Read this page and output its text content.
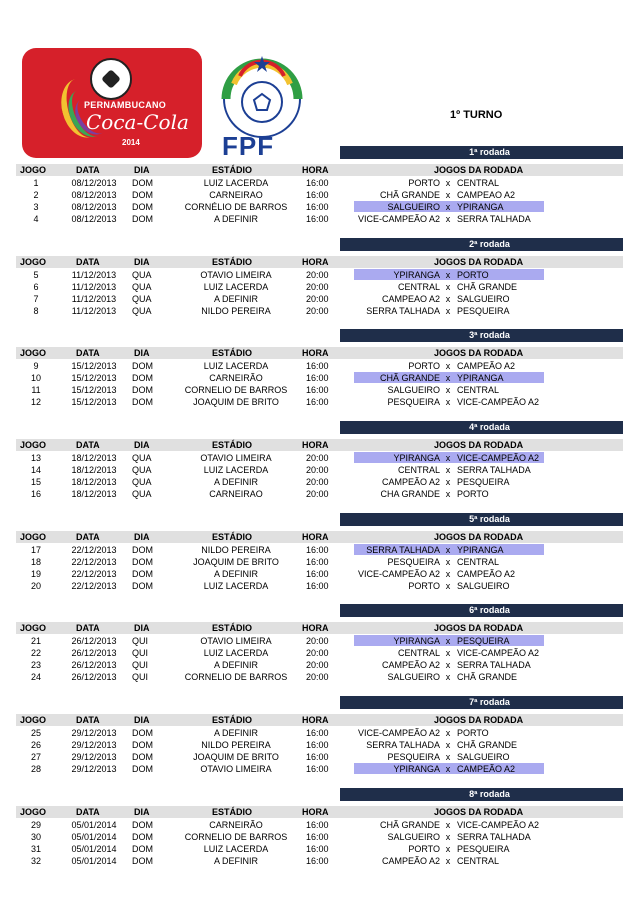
PERNAMBUCANO
Coca-Cola
2014	FPF
1º TURNO
1ª rodada
JOGO	DATA	DIA	ESTÁDIO	HORA	JOGOS DA RODADA
1	08/12/2013	DOM	LUIZ LACERDA	16:00	PORTO x CENTRAL
2	08/12/2013	DOM	CARNEIRAO	16:00	CHÃ GRANDE x CAMPEAO A2
3	08/12/2013	DOM	CORNÉLIO DE BARROS	16:00	SALGUEIRO x YPIRANGA
4	08/12/2013	DOM	A DEFINIR	16:00	VICE-CAMPEÃO A2 x SERRA TALHADA
2ª rodada
JOGO	DATA	DIA	ESTÁDIO	HORA	JOGOS DA RODADA
5	11/12/2013	QUA	OTAVIO LIMEIRA	20:00	YPIRANGA x PORTO
6	11/12/2013	QUA	LUIZ LACERDA	20:00	CENTRAL x CHÃ GRANDE
7	11/12/2013	QUA	A DEFINIR	20:00	CAMPEAO A2 x SALGUEIRO
8	11/12/2013	QUA	NILDO PEREIRA	20:00	SERRA TALHADA x PESQUEIRA
3ª rodada
JOGO	DATA	DIA	ESTÁDIO	HORA	JOGOS DA RODADA
9	15/12/2013	DOM	LUIZ LACERDA	16:00	PORTO x CAMPEÃO A2
10	15/12/2013	DOM	CARNEIRÃO	16:00	CHÃ GRANDE x YPIRANGA
11	15/12/2013	DOM	CORNELIO DE BARROS	16:00	SALGUEIRO x CENTRAL
12	15/12/2013	DOM	JOAQUIM DE BRITO	16:00	PESQUEIRA x VICE-CAMPEÃO A2
4ª rodada
JOGO	DATA	DIA	ESTÁDIO	HORA	JOGOS DA RODADA
13	18/12/2013	QUA	OTAVIO LIMEIRA	20:00	YPIRANGA x VICE-CAMPEÃO A2
14	18/12/2013	QUA	LUIZ LACERDA	20:00	CENTRAL x SERRA TALHADA
15	18/12/2013	QUA	A DEFINIR	20:00	CAMPEÃO A2 x PESQUEIRA
16	18/12/2013	QUA	CARNEIRAO	20:00	CHA GRANDE x PORTO
5ª rodada
JOGO	DATA	DIA	ESTÁDIO	HORA	JOGOS DA RODADA
17	22/12/2013	DOM	NILDO PEREIRA	16:00	SERRA TALHADA x YPIRANGA
18	22/12/2013	DOM	JOAQUIM DE BRITO	16:00	PESQUEIRA x CENTRAL
19	22/12/2013	DOM	A DEFINIR	16:00	VICE-CAMPEÃO A2 x CAMPEÃO A2
20	22/12/2013	DOM	LUIZ LACERDA	16:00	PORTO x SALGUEIRO
6ª rodada
JOGO	DATA	DIA	ESTÁDIO	HORA	JOGOS DA RODADA
21	26/12/2013	QUI	OTAVIO LIMEIRA	20:00	YPIRANGA x PESQUEIRA
22	26/12/2013	QUI	LUIZ LACERDA	20:00	CENTRAL x VICE-CAMPEÃO A2
23	26/12/2013	QUI	A DEFINIR	20:00	CAMPEÃO A2 x SERRA TALHADA
24	26/12/2013	QUI	CORNELIO DE BARROS	20:00	SALGUEIRO x CHÃ GRANDE
7ª rodada
JOGO	DATA	DIA	ESTÁDIO	HORA	JOGOS DA RODADA
25	29/12/2013	DOM	A DEFINIR	16:00	VICE-CAMPEÃO A2 x PORTO
26	29/12/2013	DOM	NILDO PEREIRA	16:00	SERRA TALHADA x CHÃ GRANDE
27	29/12/2013	DOM	JOAQUIM DE BRITO	16:00	PESQUEIRA x SALGUEIRO
28	29/12/2013	DOM	OTAVIO LIMEIRA	16:00	YPIRANGA x CAMPEÃO A2
8ª rodada
JOGO	DATA	DIA	ESTÁDIO	HORA	JOGOS DA RODADA
29	05/01/2014	DOM	CARNEIRÃO	16:00	CHÃ GRANDE x VICE-CAMPEÃO A2
30	05/01/2014	DOM	CORNELIO DE BARROS	16:00	SALGUEIRO x SERRA TALHADA
31	05/01/2014	DOM	LUIZ LACERDA	16:00	PORTO x PESQUEIRA
32	05/01/2014	DOM	A DEFINIR	16:00	CAMPEÃO A2 x CENTRAL
